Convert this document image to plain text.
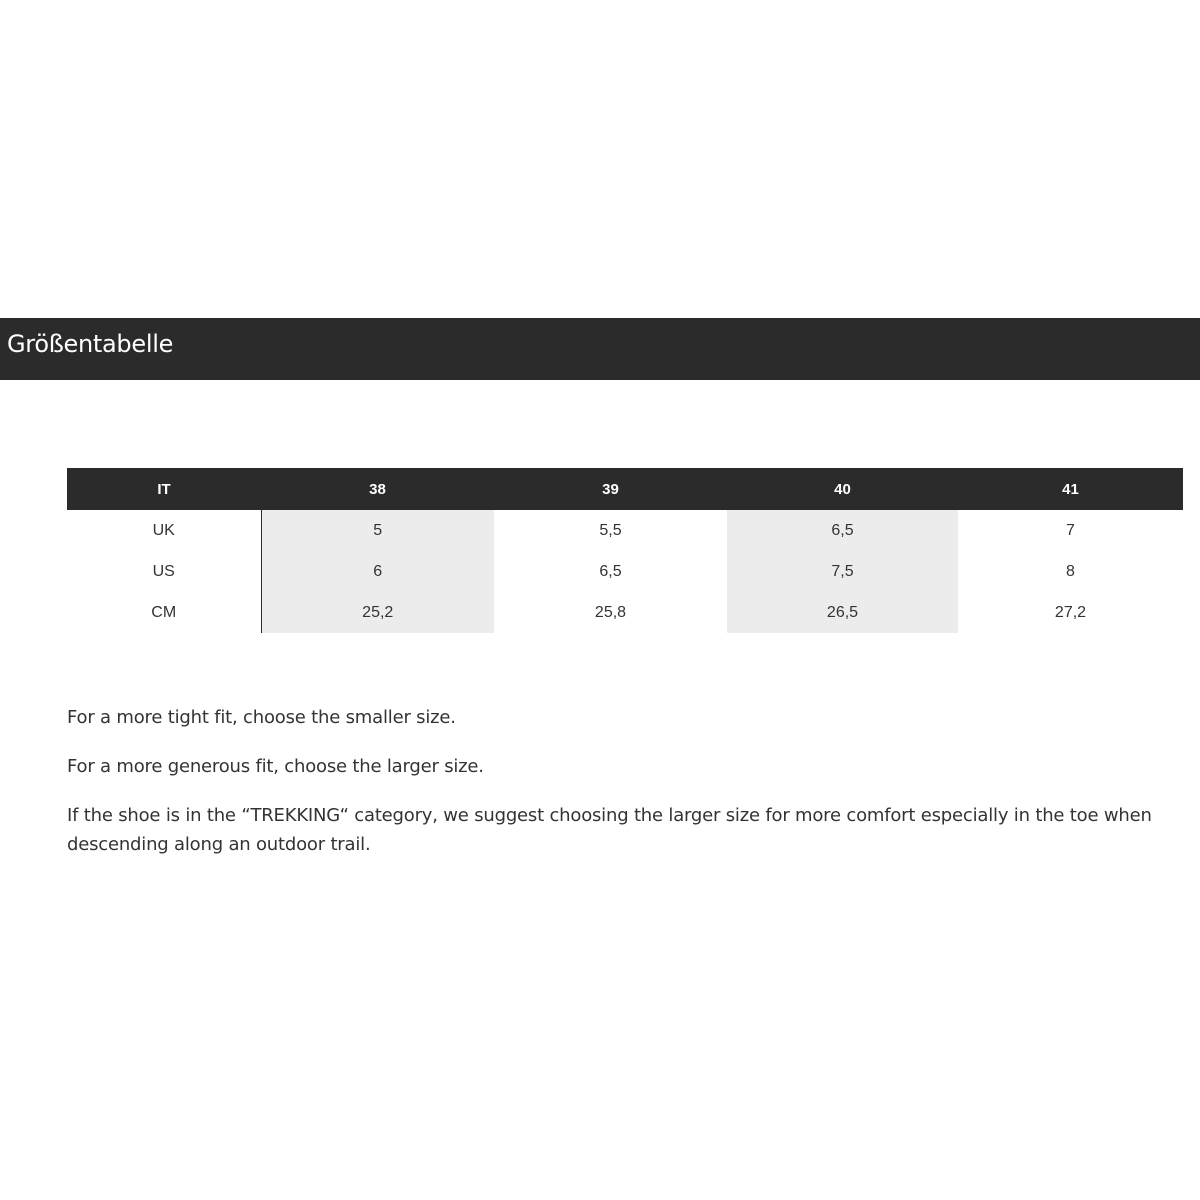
Größentabelle
IT	38	39	40	41
UK	5	5,5	6,5	7
US	6	6,5	7,5	8
CM	25,2	25,8	26,5	27,2

For a more tight fit, choose the smaller size.

For a more generous fit, choose the larger size.

If the shoe is in the “TREKKING“ category, we suggest choosing the larger size for more comfort especially in the toe when descending along an outdoor trail.
